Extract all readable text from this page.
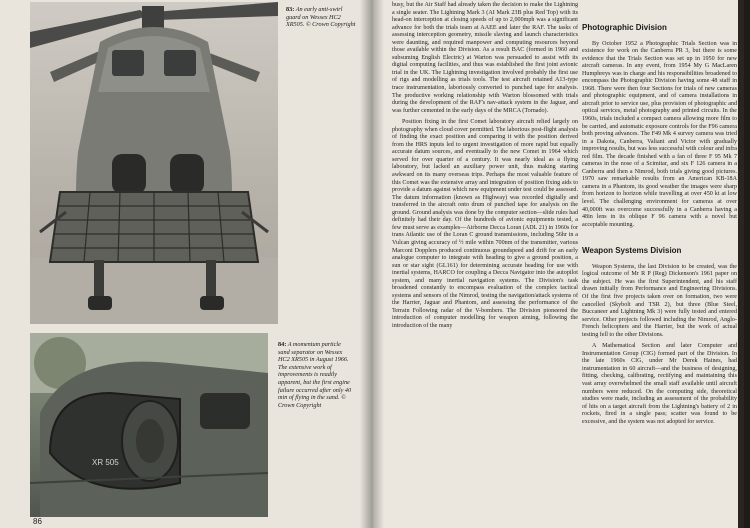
83: An early anti-swirl guard on Wessex HC2 XR505. © Crown Copyright
XR 505
84: A momentum particle sand separator on Wessex HC2 XR505 in August 1966. The extensive work of improvements is readily apparent, but the first engine failure occurred after only 40 min of flying in the sand. © Crown Copyright
86

busy, but the Air Staff had already taken the decision to make the Lightning a single seater. The Lightning Mark 3 (AI Mark 23B plus Red Top) with its head-on interception at closing speeds of up to 2,000mph was a significant advance for both the trials team at AAEE and later the RAF. The tasks of assessing interception geometry, missile slaving and launch characteristics were daunting, and required manpower and computing resources beyond those available within the Division. As a result BAC (formed in 1960 and subsuming English Electric) at Warton was persuaded to assist with its digital computing facilities, and thus was established the first joint avionic trial in the UK. The Lightning investigation involved probably the first use of rigs and modelling as trials tools. The test aircraft retained A13-type trace instrumentation, laboriously converted to punched tape for analysis. The productive working relationship with Warton blossomed with trials during the development of the RAF's nav-attack system in the Jaguar, and was further cemented in the early days of the MRCA (Tornado).

Position fixing in the first Comet laboratory aircraft relied largely on photography when cloud cover permitted. The laborious post-flight analysis of finding the exact position and comparing it with the position derived from the HRS inputs led to urgent investigation of more rapid but equally accurate datum sources, and eventually to the new Comet in 1964 which served for over quarter of a century. It was nearly ideal as a flying laboratory, but lacked an auxiliary power unit, thus making starting awkward on its many overseas trips. Perhaps the most valuable feature of this Comet was the extensive array and integration of position fixing aids to provide a datum against which new equipment under test could be assessed. The datum information (known as Highway) was recorded digitally and transferred in the aircraft onto drum of punched tape for analysis on the ground. Ground analysis was done by the computer section—slide rules had definitely had their day. Of the hundreds of avionic equipments tested, a few must serve as examples—Airborne Decca Loran (ADL 21) in 1960s for trans Atlantic use of the Loran C ground transmissions, including 56hr in a Vulcan giving accuracy of ½ mile within 700nm of the transmitter, various Marconi Dopplers produced continuous groundspeed and drift for an early analogue computer to integrate with heading to give a ground position, a sun or star sight (GL161) for determining accurate heading for use with inertial systems, HARCO for coupling a Decca Navigator into the autopilot system, and many inertial navigation systems. The Division's task broadened constantly to encompass evaluation of the complex tactical systems and sensors of the Nimrod, testing the navigation/attack systems of the Harrier, Jaguar and Phantom, and assessing the performance of the Terrain Following radar of the V-bombers. The Division pioneered the introduction of computer modelling for weapon aiming, following the introduction of the many

Photographic Division

By October 1952 a Photographic Trials Section was in existence for work on the Canberra PR 3, but there is some evidence that the Trials Section was set up in 1950 for new aircraft cameras. In any event, from 1954 My G MacLaren Humphreys was in charge and his responsibilities broadened to encompass the Photographic Division having some 48 staff in 1968. There were then four Sections for trials of new cameras and photographic equipment, and of camera installations in aircraft prior to service use, plus provision of photographic and optical services, metal photography and printed circuits. In the 1960s, trials included a compact camera allowing more film to be carried, and automatic exposure controls for the F96 camera both proving advances. The F49 Mk 4 survey camera was tried in a Dakota, Canberra, Valiant and Victor with gradually improving results, but was less successful with colour and infra red film. The decade finished with a fan of three F 95 Mk 7 cameras in the nose of a Scimitar, and six F 126 camera in a Canberra and then a Nimrod, both trials giving good pictures. 1970 saw remarkable results from an American KB-18A camera in a Phantom, its good weather the images were sharp from horizon to horizon while travelling at over 450 kt at low level. The challenging environment for cameras at over 40,000ft was overcome successfully in a Canberra having a 48in lens in its oblique F 96 camera with a novel but acceptable mounting.

Weapon Systems Division

Weapon Systems, the last Division to be created, was the logical outcome of Mr R P (Reg) Dickenson's 1961 paper on the subject. He was the first Superintendent, and his staff drawn initially from Performance and Engineering Divisions. Of the first five projects taken over on formation, two were cancelled (Skybolt and TSR 2), but three (Blue Steel, Buccaneer and Lightning Mk 3) were fully tested and entered service. Other projects followed including the Nimrod, Anglo-French helicopters and the Harrier, but the work of actual testing fell to the other Divisions.

A Mathematical Section and later Computer and Instrumentation Group (CIG) formed part of the Division. In the late 1960s CIG, under Mr Derek Haines, had instrumentation in 60 aircraft—and the business of designing, fitting, checking, calibrating, rectifying and maintaining this vast array overwhelmed the small staff available until aircraft numbers were reduced. On the computing side, theoretical studies were made, including an assessment of the probability of hits on a target aircraft from the Lightning's battery of 2 in rockets, fired in a single pass; scatter was found to be excessive, and the system was not adopted for service.
